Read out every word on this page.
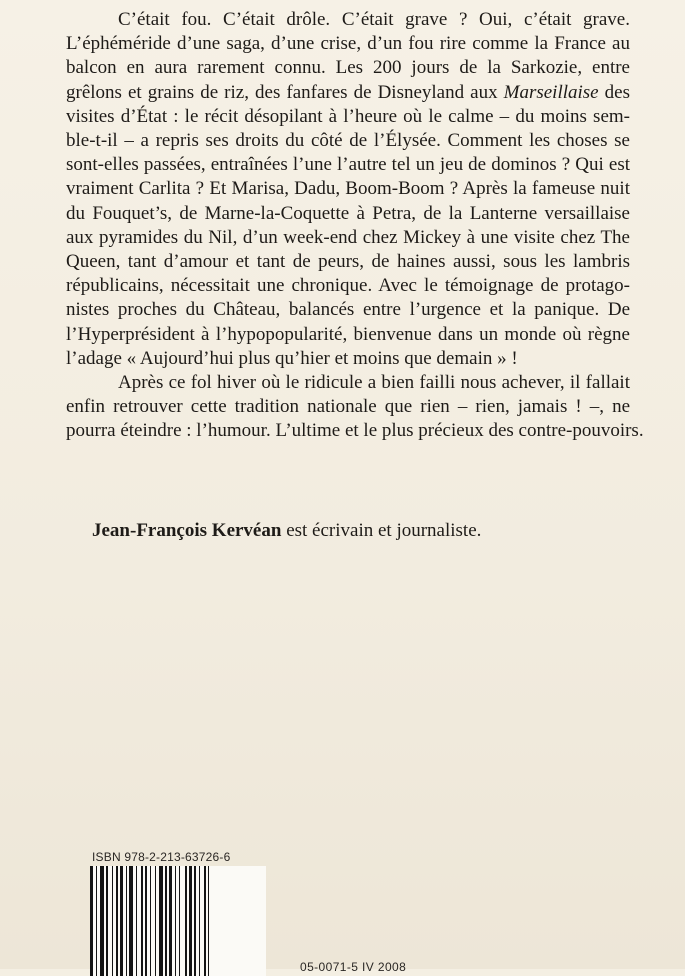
C’était fou. C’était drôle. C’était grave ? Oui, c’était grave.
L’éphéméride d’une saga, d’une crise, d’un fou rire comme la France au
balcon en aura rarement connu. Les 200 jours de la Sarkozie, entre
grêlons et grains de riz, des fanfares de Disneyland aux Marseillaise des
visites d’État : le récit désopilant à l’heure où le calme – du moins sem-
ble-t-il – a repris ses droits du côté de l’Élysée. Comment les choses se
sont-elles passées, entraînées l’une l’autre tel un jeu de dominos ? Qui est
vraiment Carlita ? Et Marisa, Dadu, Boom-Boom ? Après la fameuse nuit
du Fouquet’s, de Marne-la-Coquette à Petra, de la Lanterne versaillaise
aux pyramides du Nil, d’un week-end chez Mickey à une visite chez The
Queen, tant d’amour et tant de peurs, de haines aussi, sous les lambris
républicains, nécessitait une chronique. Avec le témoignage de protago-
nistes proches du Château, balancés entre l’urgence et la panique. De
l’Hyperprésident à l’hypopopularité, bienvenue dans un monde où règne
l’adage « Aujourd’hui plus qu’hier et moins que demain » !

Après ce fol hiver où le ridicule a bien failli nous achever, il fallait
enfin retrouver cette tradition nationale que rien – rien, jamais ! –, ne
pourra éteindre : l’humour. L’ultime et le plus précieux des contre-pouvoirs.

Jean-François Kervéan est écrivain et journaliste.
ISBN 978-2-213-63726-6
05-0071-5 IV 2008
